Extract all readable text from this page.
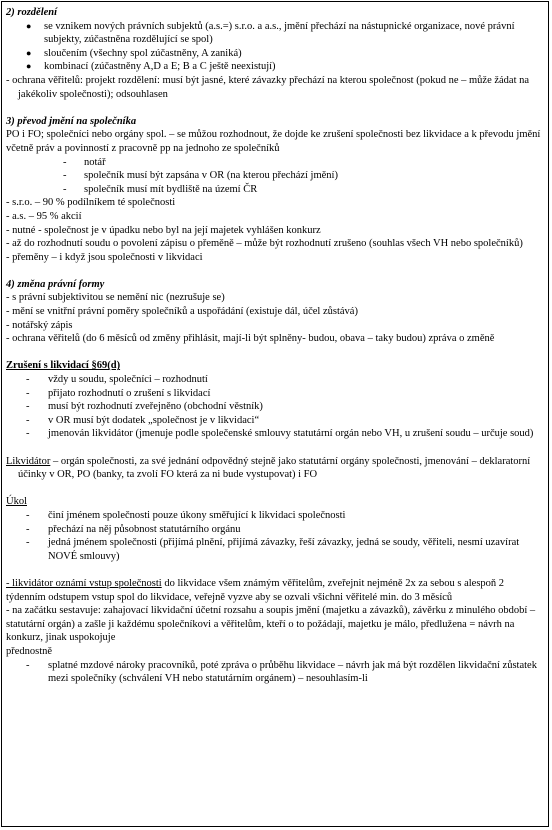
2) rozdělení
● se vznikem nových právních subjektů (a.s.=) s.r.o. a a.s., jmění přechází na nástupnické organizace, nové právní subjekty, zúčastněna rozdělující se spol)
● sloučením (všechny spol zúčastněny, A zaniká)
● kombinací (zúčastněny A,D a E; B a C ještě neexistují)
- ochrana věřitelů: projekt rozdělení: musí být jasné, které závazky přechází na kterou společnost (pokud ne – může žádat na jakékoliv společnosti); odsouhlasen
3) převod jmění na společníka
PO i FO; společníci nebo orgány spol. – se můžou rozhodnout, že dojde ke zrušení společnosti bez likvidace a k převodu jmění včetně práv a povinností z pracovně pp na jednoho ze společníků
- notář
- společník musí být zapsána v OR (na kterou přechází jmění)
- společník musí mít bydliště na území ČR
- s.r.o. – 90 % podílníkem té společnosti
- a.s. – 95 % akcií
- nutné - společnost je v úpadku nebo byl na její majetek vyhlášen konkurz
- až do rozhodnutí soudu o povolení zápisu o přeměně – může být rozhodnutí zrušeno (souhlas všech VH nebo společníků)
- přeměny – i když jsou společnosti v likvidaci
4) změna právní formy
- s právní subjektivitou se nemění nic (nezrušuje se)
- mění se vnitřní právní poměry společníků a uspořádání (existuje dál, účel zůstává)
- notářský zápis
- ochrana věřitelů (do 6 měsíců od změny přihlásit, mají-li být splněny- budou, obava – taky budou) zpráva o změně
Zrušení s likvidací §69(d)
- vždy u soudu, společníci – rozhodnutí
- přijato rozhodnutí o zrušení s likvidací
- musí být rozhodnutí zveřejněno (obchodní věstník)
- v OR musí být dodatek „společnost je v likvidaci“
- jmenován likvidátor (jmenuje podle společenské smlouvy statutární orgán nebo VH, u zrušení soudu – určuje soud)
Likvidátor – orgán společnosti, za své jednání odpovědný stejně jako statutární orgány společnosti, jmenování – deklaratorní účinky v OR, PO (banky, ta zvolí FO která za ni bude vystupovat) i FO
Úkol
- činí jménem společnosti pouze úkony směřující k likvidaci společnosti
- přechází na něj působnost statutárního orgánu
- jedná jménem společnosti (přijímá plnění, přijímá závazky, řeší závazky, jedná se soudy, věřiteli, nesmí uzavírat NOVÉ smlouvy)
- likvidátor oznámí vstup společnosti do likvidace všem známým věřitelům, zveřejnit nejméně 2x za sebou s alespoň 2 týdenním odstupem vstup spol do likvidace, veřejně vyzve aby se ozvali všichni věřitelé min. do 3 měsíců
- na začátku sestavuje: zahajovací likvidační účetní rozsahu a soupis jmění (majetku a závazků), závěrku z minulého období – statutární orgán) a zašle ji každému společníkovi a věřitelům, kteří o to požádají, majetku je málo, předlužena = návrh na konkurz, jinak uspokojuje
přednostně
- splatné mzdové nároky pracovníků, poté zpráva o průběhu likvidace – návrh jak má být rozdělen likvidační zůstatek mezi společníky (schválení VH nebo statutárním orgánem) – nesouhlasím-li
